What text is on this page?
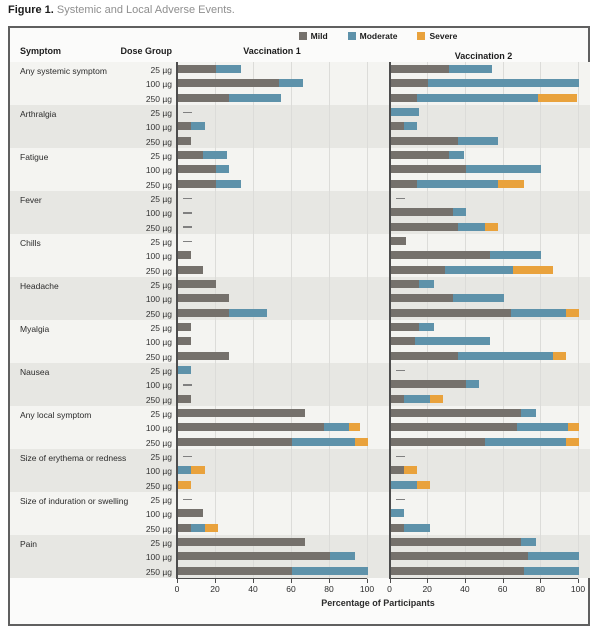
Figure 1. Systemic and Local Adverse Events.
0	20	40	60	80	100	0	20	40	60	80	100
Any systemic symptom	25 µg
100 µg
250 µg
Arthralgia	25 µg
100 µg
250 µg
Fatigue	25 µg
100 µg
250 µg
Fever	25 µg
100 µg
250 µg
Chills	25 µg
100 µg
250 µg
Headache	25 µg
100 µg
250 µg
Myalgia	25 µg
100 µg
250 µg
Nausea	25 µg
100 µg
250 µg
Any local symptom	25 µg
100 µg
250 µg
Size of erythema or redness	25 µg
100 µg
250 µg
Size of induration or swelling	25 µg
100 µg
250 µg
Pain	25 µg
100 µg
250 µg
Mild	Moderate	Severe
Symptom	Dose Group	Vaccination 1	Vaccination 2
Percentage of Participants
